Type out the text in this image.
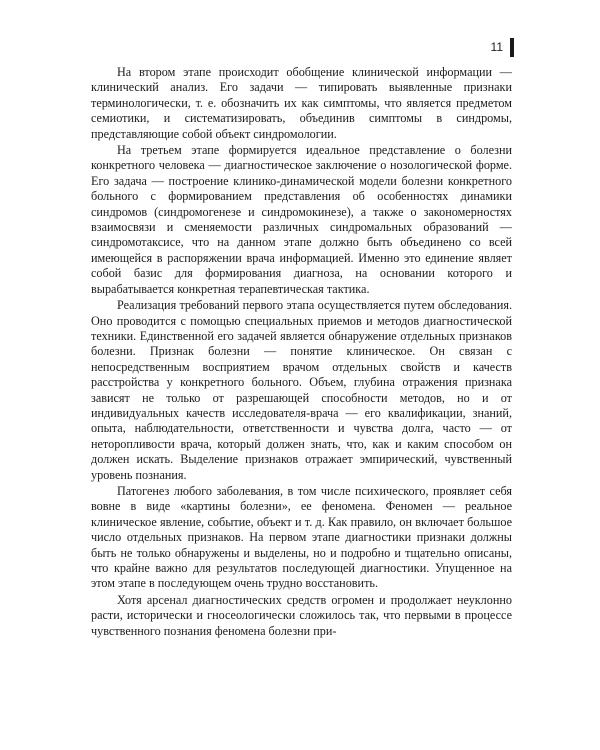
11

На втором этапе происходит обобщение клинической информации — клинический анализ. Его задачи — типировать выявленные признаки терминологически, т. е. обозначить их как симптомы, что является предметом семиотики, и систематизировать, объединив симптомы в синдромы, представляющие собой объект синдромологии.

На третьем этапе формируется идеальное представление о болезни конкретного человека — диагностическое заключение о нозологической форме. Его задача — построение клинико-динамической модели болезни конкретного больного с формированием представления об особенностях динамики синдромов (синдромогенезе и синдромокинезе), а также о закономерностях взаимосвязи и сменяемости различных синдромальных образований — синдромотаксисе, что на данном этапе должно быть объединено со всей имеющейся в распоряжении врача информацией. Именно это единение являет собой базис для формирования диагноза, на основании которого и вырабатывается конкретная терапевтическая тактика.

Реализация требований первого этапа осуществляется путем обследования. Оно проводится с помощью специальных приемов и методов диагностической техники. Единственной его задачей является обнаружение отдельных признаков болезни. Признак болезни — понятие клиническое. Он связан с непосредственным восприятием врачом отдельных свойств и качеств расстройства у конкретного больного. Объем, глубина отражения признака зависят не только от разрешающей способности методов, но и от индивидуальных качеств исследователя-врача — его квалификации, знаний, опыта, наблюдательности, ответственности и чувства долга, часто — от неторопливости врача, который должен знать, что, как и каким способом он должен искать. Выделение признаков отражает эмпирический, чувственный уровень познания.

Патогенез любого заболевания, в том числе психического, проявляет себя вовне в виде «картины болезни», ее феномена. Феномен — реальное клиническое явление, событие, объект и т. д. Как правило, он включает большое число отдельных признаков. На первом этапе диагностики признаки должны быть не только обнаружены и выделены, но и подробно и тщательно описаны, что крайне важно для результатов последующей диагностики. Упущенное на этом этапе в последующем очень трудно восстановить.

Хотя арсенал диагностических средств огромен и продолжает неуклонно расти, исторически и гносеологически сложилось так, что первыми в процессе чувственного познания феномена болезни при-
